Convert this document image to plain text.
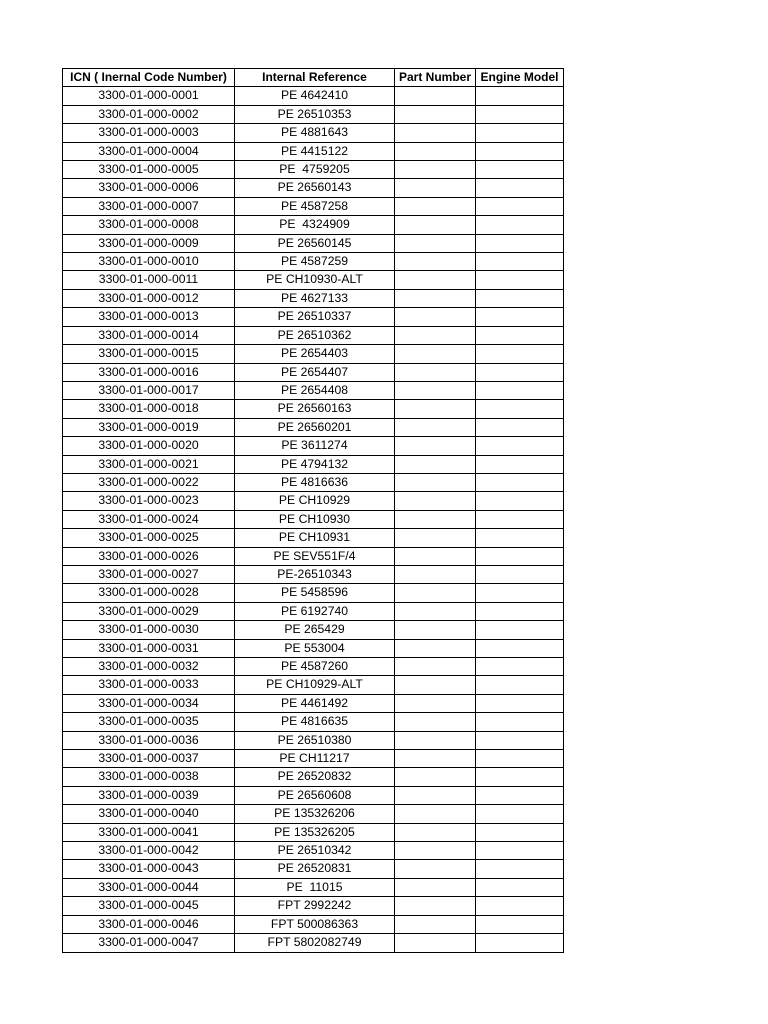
ICN ( Inernal Code Number)	Internal Reference	Part Number	Engine Model
3300-01-000-0001	PE 4642410		
3300-01-000-0002	PE 26510353		
3300-01-000-0003	PE 4881643		
3300-01-000-0004	PE 4415122		
3300-01-000-0005	PE  4759205		
3300-01-000-0006	PE 26560143		
3300-01-000-0007	PE 4587258		
3300-01-000-0008	PE  4324909		
3300-01-000-0009	PE 26560145		
3300-01-000-0010	PE 4587259		
3300-01-000-0011	PE CH10930-ALT		
3300-01-000-0012	PE 4627133		
3300-01-000-0013	PE 26510337		
3300-01-000-0014	PE 26510362		
3300-01-000-0015	PE 2654403		
3300-01-000-0016	PE 2654407		
3300-01-000-0017	PE 2654408		
3300-01-000-0018	PE 26560163		
3300-01-000-0019	PE 26560201		
3300-01-000-0020	PE 3611274		
3300-01-000-0021	PE 4794132		
3300-01-000-0022	PE 4816636		
3300-01-000-0023	PE CH10929		
3300-01-000-0024	PE CH10930		
3300-01-000-0025	PE CH10931		
3300-01-000-0026	PE SEV551F/4		
3300-01-000-0027	PE-26510343		
3300-01-000-0028	PE 5458596		
3300-01-000-0029	PE 6192740		
3300-01-000-0030	PE 265429		
3300-01-000-0031	PE 553004		
3300-01-000-0032	PE 4587260		
3300-01-000-0033	PE CH10929-ALT		
3300-01-000-0034	PE 4461492		
3300-01-000-0035	PE 4816635		
3300-01-000-0036	PE 26510380		
3300-01-000-0037	PE CH11217		
3300-01-000-0038	PE 26520832		
3300-01-000-0039	PE 26560608		
3300-01-000-0040	PE 135326206		
3300-01-000-0041	PE 135326205		
3300-01-000-0042	PE 26510342		
3300-01-000-0043	PE 26520831		
3300-01-000-0044	PE  11015		
3300-01-000-0045	FPT 2992242		
3300-01-000-0046	FPT 500086363		
3300-01-000-0047	FPT 5802082749		
